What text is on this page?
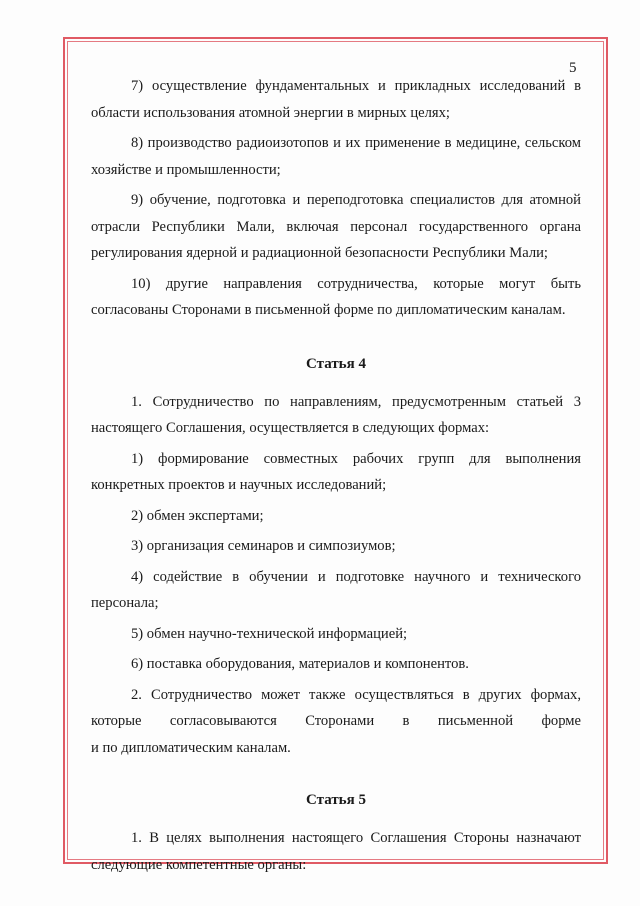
5

7) осуществление фундаментальных и прикладных исследований в области использования атомной энергии в мирных целях;

8) производство радиоизотопов и их применение в медицине, сельском хозяйстве и промышленности;

9) обучение, подготовка и переподготовка специалистов для атомной отрасли Республики Мали, включая персонал государственного органа регулирования ядерной и радиационной безопасности Республики Мали;

10) другие направления сотрудничества, которые могут быть согласованы Сторонами в письменной форме по дипломатическим каналам.

Статья 4

1. Сотрудничество по направлениям, предусмотренным статьей 3 настоящего Соглашения, осуществляется в следующих формах:

1) формирование совместных рабочих групп для выполнения конкретных проектов и научных исследований;

2) обмен экспертами;

3) организация семинаров и симпозиумов;

4) содействие в обучении и подготовке научного и технического персонала;

5) обмен научно-технической информацией;

6) поставка оборудования, материалов и компонентов.

2. Сотрудничество может также осуществляться в других формах, которые согласовываются Сторонами в письменной форме

и по дипломатическим каналам.

Статья 5

1. В целях выполнения настоящего Соглашения Стороны назначают следующие компетентные органы:
